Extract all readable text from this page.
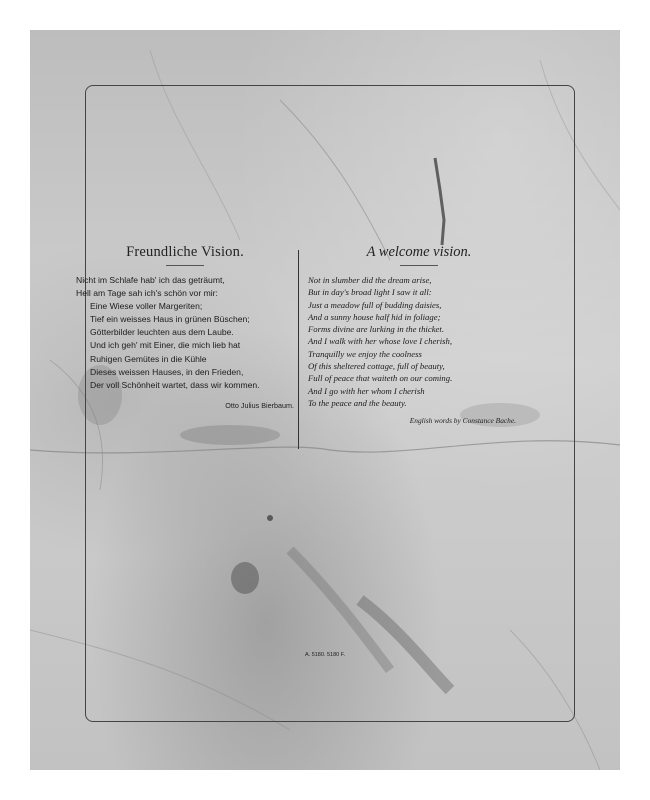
Freundliche Vision.
Nicht im Schlafe hab' ich das geträumt,
Hell am Tage sah ich's schön vor mir:
Eine Wiese voller Margeriten;
Tief ein weisses Haus in grünen Büschen;
Götterbilder leuchten aus dem Laube.
Und ich geh' mit Einer, die mich lieb hat
Ruhigen Gemütes in die Kühle
Dieses weissen Hauses, in den Frieden,
Der voll Schönheit wartet, dass wir kommen.
Otto Julius Bierbaum.
A welcome vision.
Not in slumber did the dream arise,
But in day's broad light I saw it all:
Just a meadow full of budding daisies,
And a sunny house half hid in foliage;
Forms divine are lurking in the thicket.
And I walk with her whose love I cherish,
Tranquilly we enjoy the coolness
Of this sheltered cottage, full of beauty,
Full of peace that waiteth on our coming.
And I go with her whom I cherish
To the peace and the beauty.
English words by Constance Bache.
A. 5180. 5180 F.
